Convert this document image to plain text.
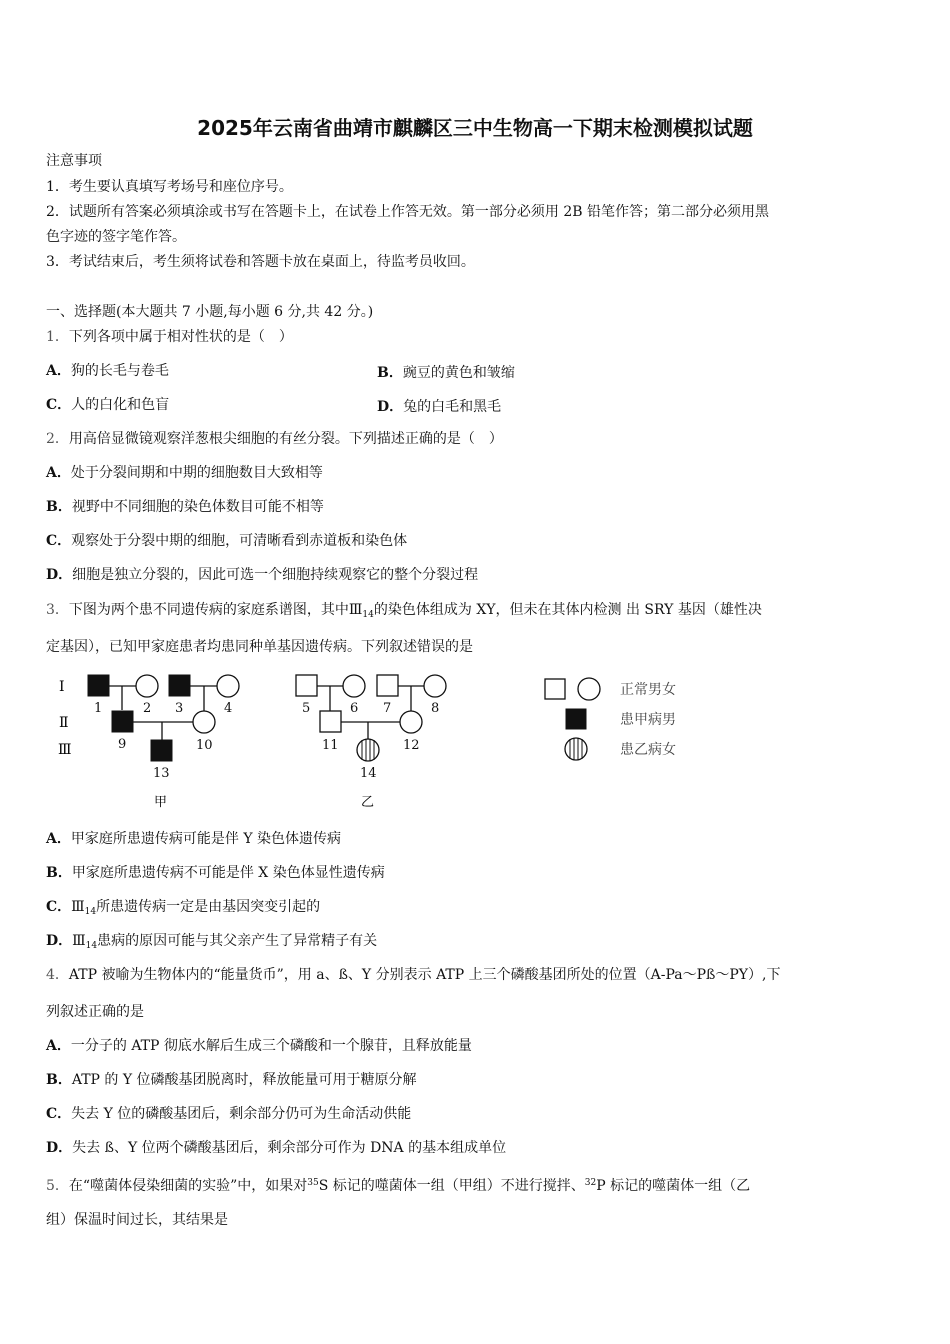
2025年云南省曲靖市麒麟区三中生物高一下期末检测模拟试题
注意事项
1．考生要认真填写考场号和座位序号。
2．试题所有答案必须填涂或书写在答题卡上，在试卷上作答无效。第一部分必须用 2B 铅笔作答；第二部分必须用黑
色字迹的签字笔作答。
3．考试结束后，考生须将试卷和答题卡放在桌面上，待监考员收回。
一、选择题(本大题共 7 小题,每小题 6 分,共 42 分。)
1．下列各项中属于相对性状的是（　）
A．狗的长毛与卷毛	B．豌豆的黄色和皱缩
C．人的白化和色盲	D．兔的白毛和黑毛
2．用高倍显微镜观察洋葱根尖细胞的有丝分裂。下列描述正确的是（　）
A．处于分裂间期和中期的细胞数目大致相等
B．视野中不同细胞的染色体数目可能不相等
C．观察处于分裂中期的细胞，可清晰看到赤道板和染色体
D．细胞是独立分裂的，因此可选一个细胞持续观察它的整个分裂过程
3．下图为两个患不同遗传病的家庭系谱图，其中$Ⅲ_{14}$的染色体组成为 XY，但未在其体内检测 出 SRY 基因（雄性决
定基因），已知甲家庭患者均患同种单基因遗传病。下列叙述错误的是
Ⅰ
Ⅱ
Ⅲ
1	2 3	4	5	6 7	8
9	10	11	12
13	14
甲	乙
正常男女
患甲病男
患乙病女
A．甲家庭所患遗传病可能是伴 Y 染色体遗传病
B．甲家庭所患遗传病不可能是伴 X 染色体显性遗传病
C．$Ⅲ_{14}$所患遗传病一定是由基因突变引起的
D．$Ⅲ_{14}$患病的原因可能与其父亲产生了异常精子有关
4．ATP 被喻为生物体内的“能量货币”，用 a、ß、Y 分别表示 ATP 上三个磷酸基团所处的位置（A-Pa～Pß～PY）,下
列叙述正确的是
A．一分子的 ATP 彻底水解后生成三个磷酸和一个腺苷，且释放能量
B．ATP 的 Y 位磷酸基团脱离时，释放能量可用于糖原分解
C．失去 Y 位的磷酸基团后，剩余部分仍可为生命活动供能
D．失去 ß、Y 位两个磷酸基团后，剩余部分可作为 DNA 的基本组成单位
5．在“噬菌体侵染细菌的实验”中，如果对$^{35}$S 标记的噬菌体一组（甲组）不进行搅拌、$^{32}$P 标记的噬菌体一组（乙
组）保温时间过长，其结果是
